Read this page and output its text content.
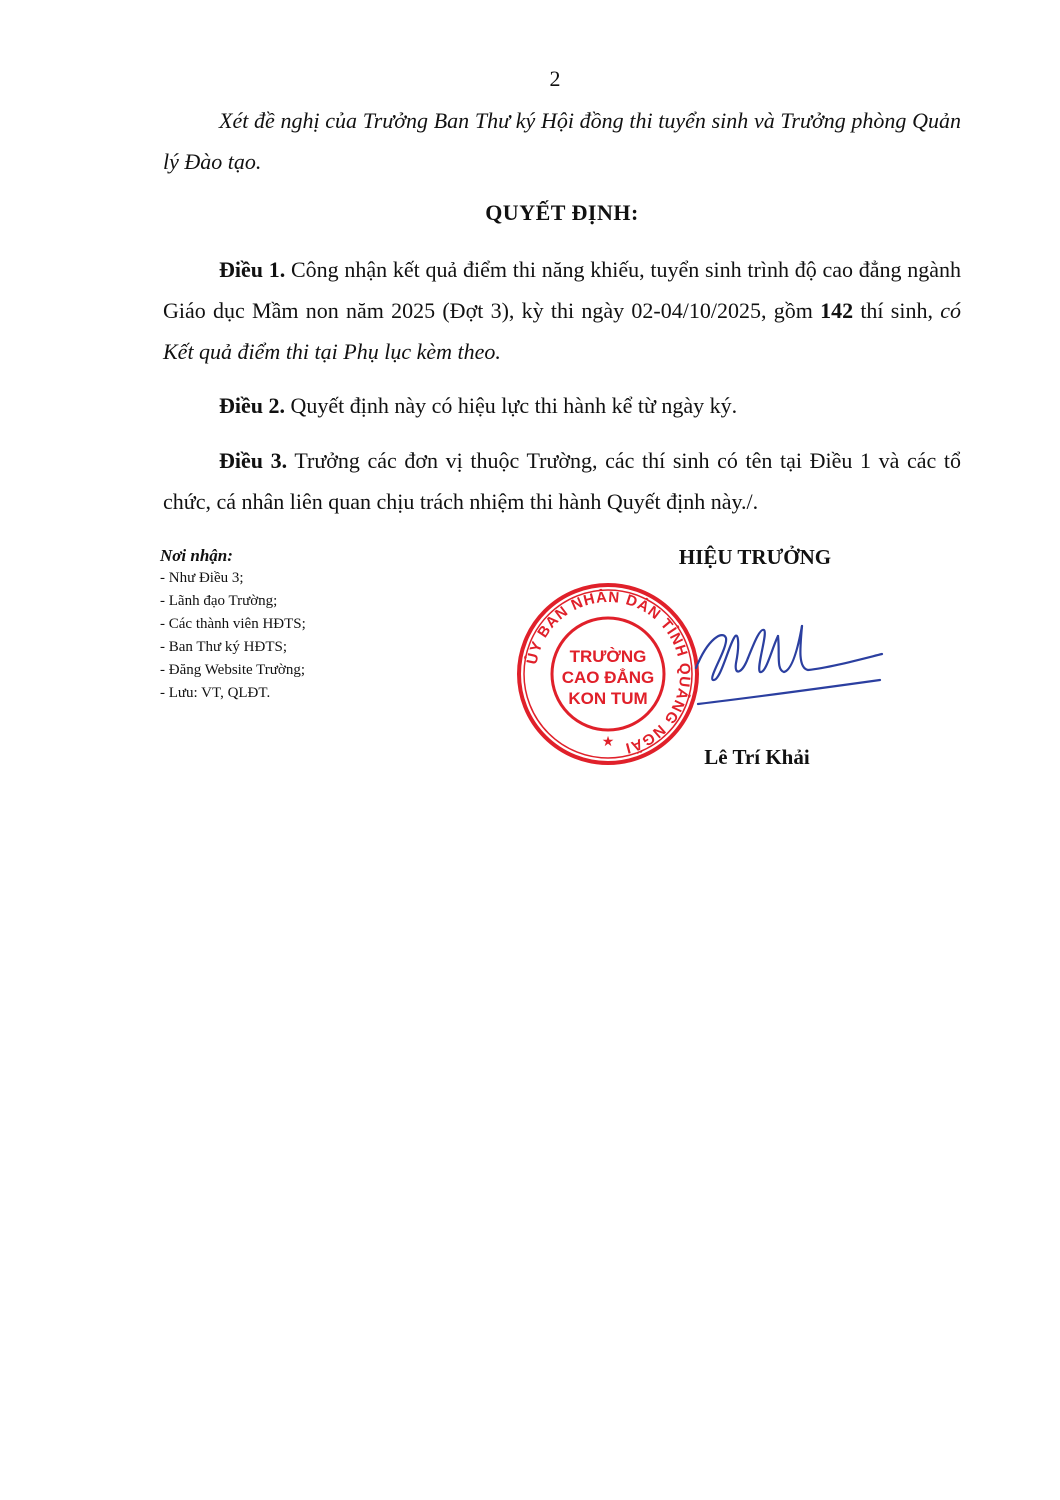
2

Xét đề nghị của Trưởng Ban Thư ký Hội đồng thi tuyển sinh và Trưởng phòng Quản lý Đào tạo.

QUYẾT ĐỊNH:

Điều 1. Công nhận kết quả điểm thi năng khiếu, tuyển sinh trình độ cao đẳng ngành Giáo dục Mầm non năm 2025 (Đợt 3), kỳ thi ngày 02-04/10/2025, gồm 142 thí sinh, có Kết quả điểm thi tại Phụ lục kèm theo.

Điều 2. Quyết định này có hiệu lực thi hành kể từ ngày ký.

Điều 3. Trưởng các đơn vị thuộc Trường, các thí sinh có tên tại Điều 1 và các tổ chức, cá nhân liên quan chịu trách nhiệm thi hành Quyết định này./.

Nơi nhận:
- Như Điều 3;
- Lãnh đạo Trường;
- Các thành viên HĐTS;
- Ban Thư ký HĐTS;
- Đăng Website Trường;
- Lưu: VT, QLĐT.
HIỆU TRƯỞNG
ỦY BAN NHÂN DÂN TỈNH QUẢNG NGÃI
TRƯỜNG
CAO ĐẲNG
KON TUM
★
Lê Trí Khải
